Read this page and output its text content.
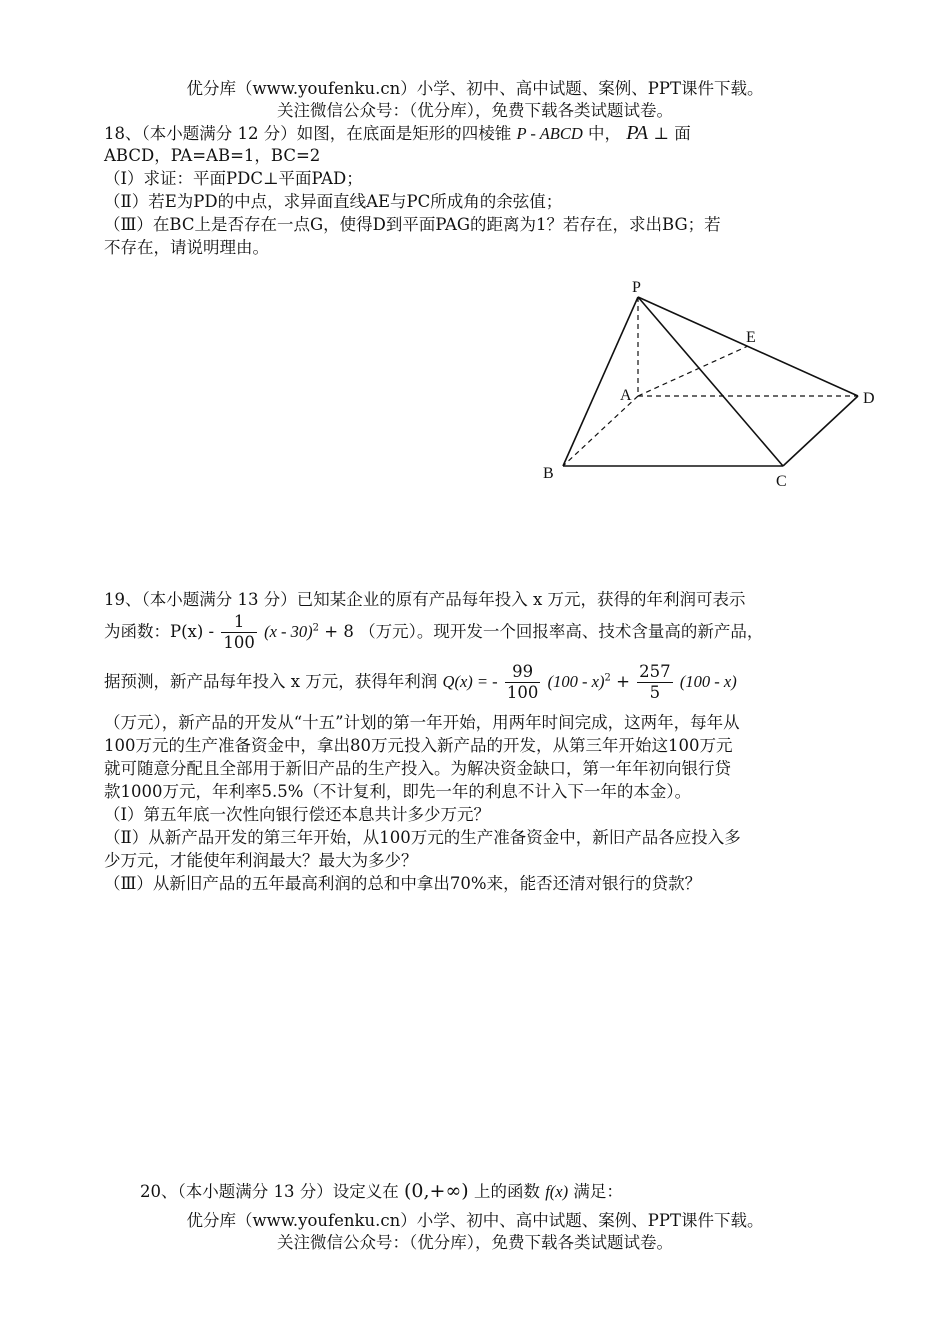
优分库（www.youfenku.cn）小学、初中、高中试题、案例、PPT课件下载。
关注微信公众号：（优分库），免费下载各类试题试卷。
18、（本小题满分 12 分）如图，在底面是矩形的四棱锥 P - ABCD 中， PA ⊥ 面
ABCD，PA=AB=1，BC=2
（Ⅰ）求证：平面PDC⊥平面PAD；
（Ⅱ）若E为PD的中点，求异面直线AE与PC所成角的余弦值；
（Ⅲ）在BC上是否存在一点G，使得D到平面PAG的距离为1？若存在，求出BG；若
不存在，请说明理由。
P
A
B	C
D
E
19、（本小题满分 13 分）已知某企业的原有产品每年投入 x 万元，获得的年利润可表示
为函数：$P(x) - \frac{1}{100} (x - 30)^2 + 8$ （万元）。现开发一个回报率高、技术含量高的新产品，
据预测，新产品每年投入 x 万元，获得年利润 Q(x) = - $\frac{99}{100} (100 - x)^2 + \frac{257}{5} (100 - x)$
（万元），新产品的开发从“十五”计划的第一年开始，用两年时间完成，这两年，每年从
100万元的生产准备资金中，拿出80万元投入新产品的开发，从第三年开始这100万元
就可随意分配且全部用于新旧产品的生产投入。为解决资金缺口，第一年年初向银行贷
款1000万元，年利率5.5%（不计复利，即先一年的利息不计入下一年的本金）。
（Ⅰ）第五年底一次性向银行偿还本息共计多少万元？
（Ⅱ）从新产品开发的第三年开始，从100万元的生产准备资金中，新旧产品各应投入多
少万元，才能使年利润最大？最大为多少？
（Ⅲ）从新旧产品的五年最高利润的总和中拿出70%来，能否还清对银行的贷款？
20、（本小题满分 13 分）设定义在 (0,+∞) 上的函数 f(x) 满足：
优分库（www.youfenku.cn）小学、初中、高中试题、案例、PPT课件下载。
关注微信公众号：（优分库），免费下载各类试题试卷。
